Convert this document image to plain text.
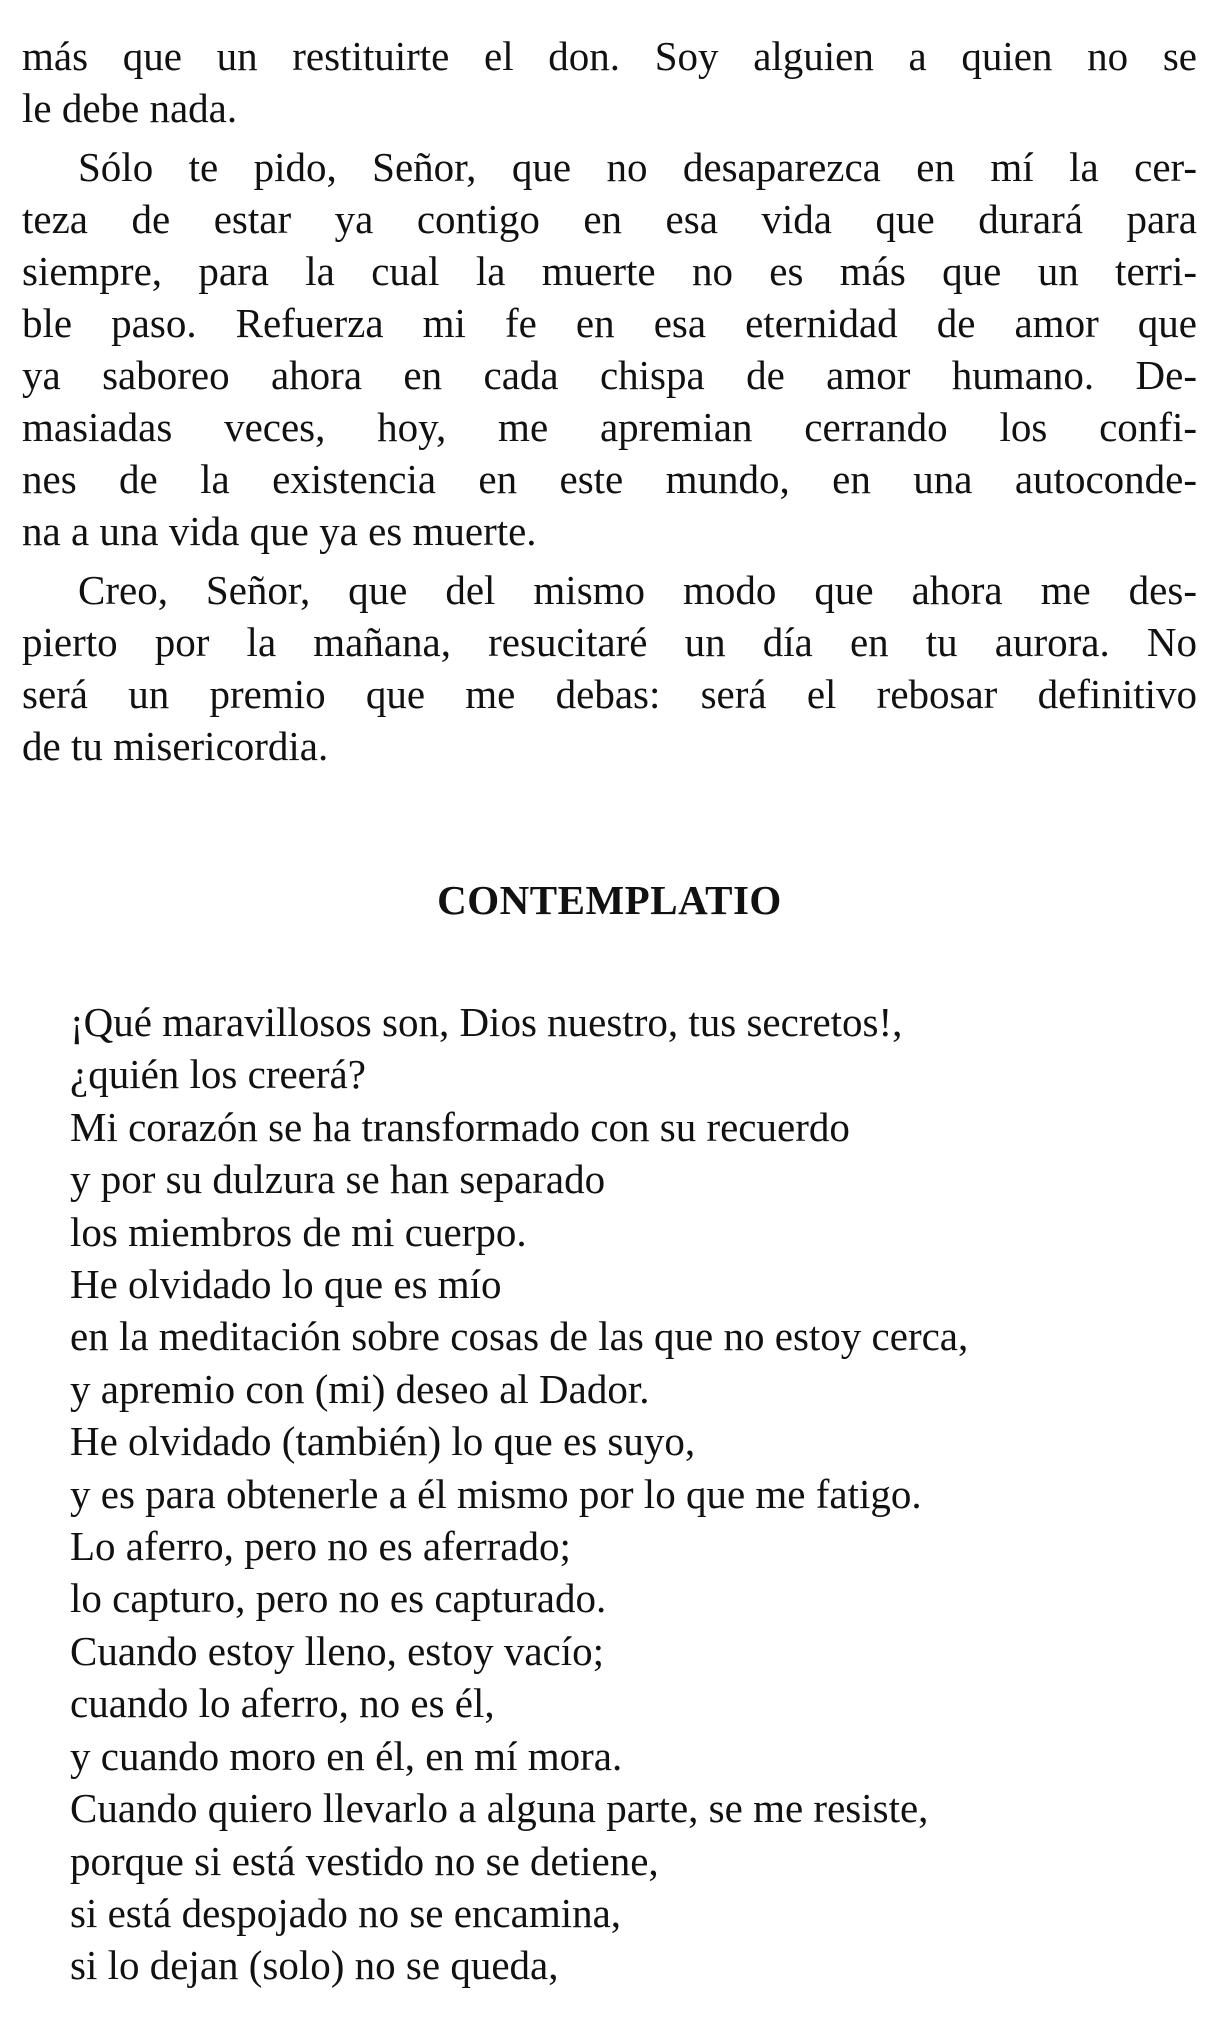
más que un restituirte el don. Soy alguien a quien no se
le debe nada.
Sólo te pido, Señor, que no desaparezca en mí la cer-
teza de estar ya contigo en esa vida que durará para
siempre, para la cual la muerte no es más que un terri-
ble paso. Refuerza mi fe en esa eternidad de amor que
ya saboreo ahora en cada chispa de amor humano. De-
masiadas veces, hoy, me apremian cerrando los confi-
nes de la existencia en este mundo, en una autoconde-
na a una vida que ya es muerte.
Creo, Señor, que del mismo modo que ahora me des-
pierto por la mañana, resucitaré un día en tu aurora. No
será un premio que me debas: será el rebosar definitivo
de tu misericordia.
CONTEMPLATIO
¡Qué maravillosos son, Dios nuestro, tus secretos!,
¿quién los creerá?
Mi corazón se ha transformado con su recuerdo
y por su dulzura se han separado
los miembros de mi cuerpo.
He olvidado lo que es mío
en la meditación sobre cosas de las que no estoy cerca,
y apremio con (mi) deseo al Dador.
He olvidado (también) lo que es suyo,
y es para obtenerle a él mismo por lo que me fatigo.
Lo aferro, pero no es aferrado;
lo capturo, pero no es capturado.
Cuando estoy lleno, estoy vacío;
cuando lo aferro, no es él,
y cuando moro en él, en mí mora.
Cuando quiero llevarlo a alguna parte, se me resiste,
porque si está vestido no se detiene,
si está despojado no se encamina,
si lo dejan (solo) no se queda,
